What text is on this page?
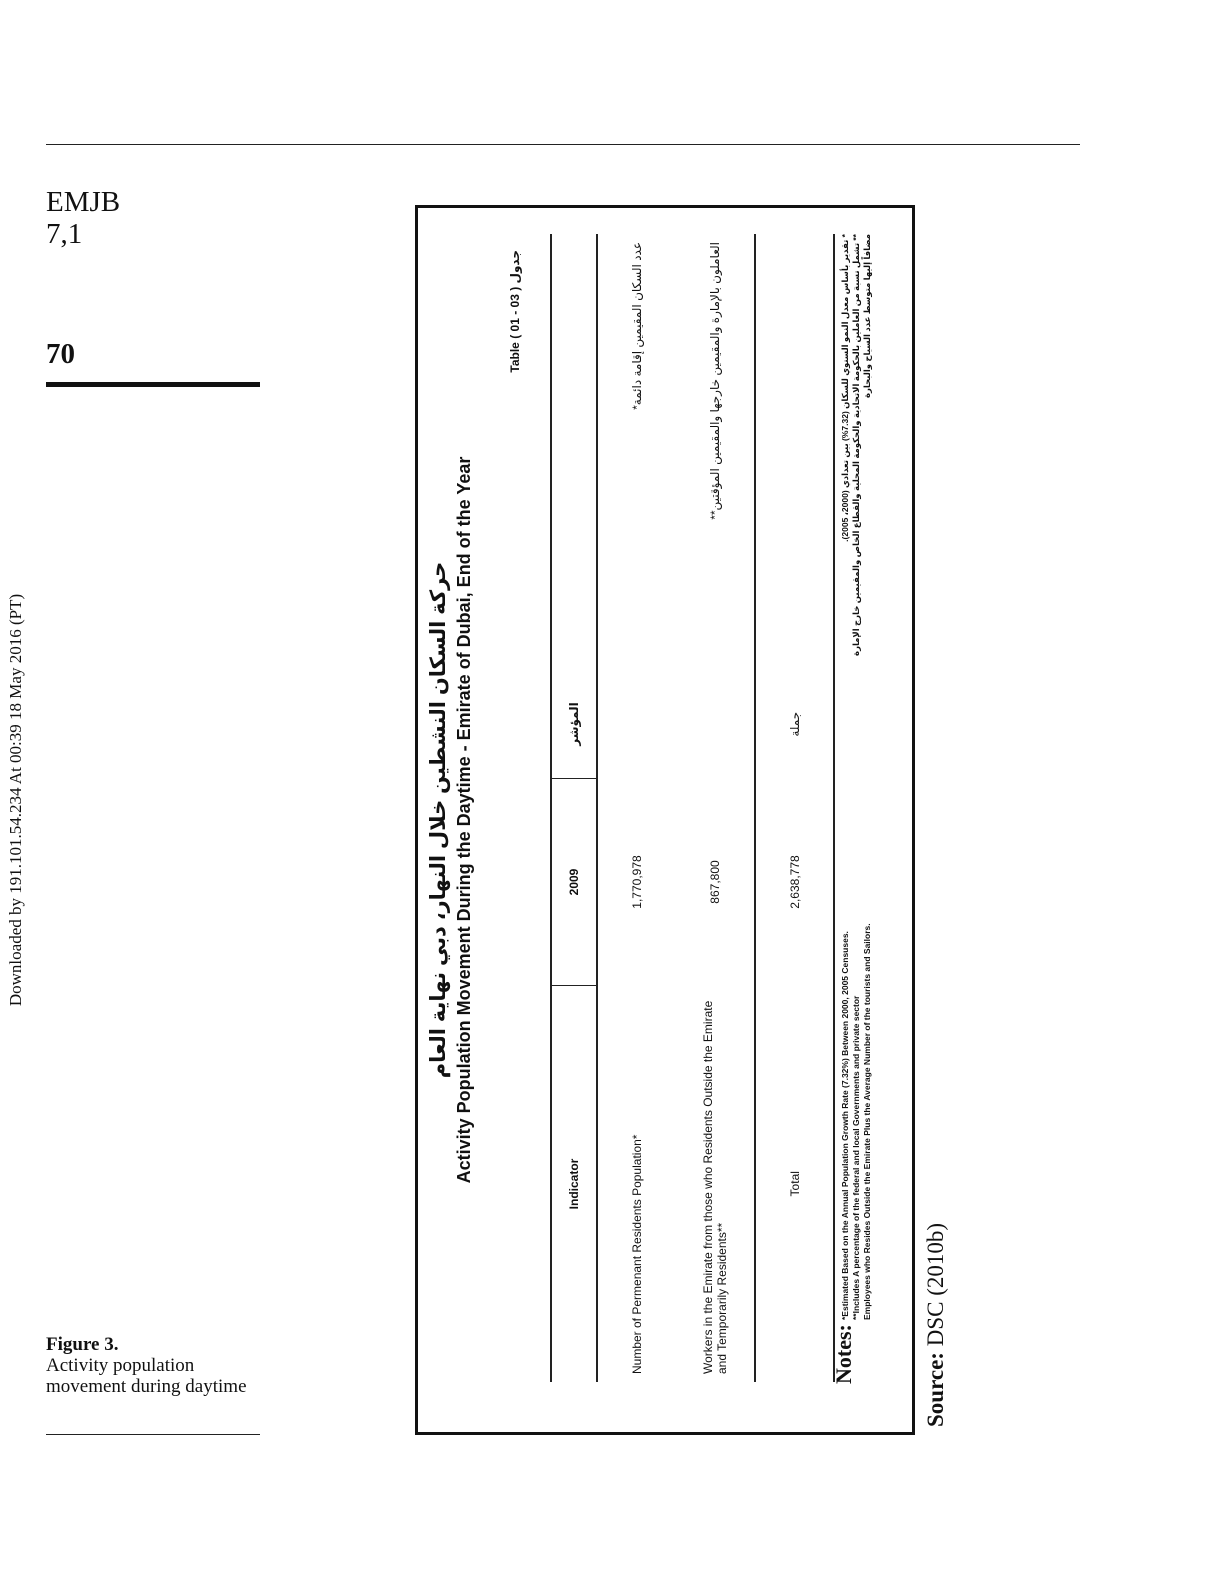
EMJB
7,1
70
Downloaded by 191.101.54.234 At 00:39 18 May 2016 (PT)
Figure 3.
Activity population movement during daytime
حركة السكان النشطين خلال النهار، دبي نهاية العام Activity Population Movement During the Daytime - Emirate of Dubai, End of the Year
Table ( 01 - 03 ) جدول
Indicator	2009	المؤشر	
Number of Permenant Residents Population*	1,770,978		عدد السكان المقيمين إقامة دائمة*
Workers in the Emirate from those who Residents Outside the Emirate and Temporarily Residents**	867,800		العاملون بالإمارة والمقيمين خارجها والمقيمين المؤقتين**
Total	2,638,778	جملة	
Notes:
*Estimated Based on the Annual Population Growth Rate (7.32%) Between 2000, 2005 Censuses. **Includes A percentage of the federal and local Governments and private sector Employees who Resides Outside the Emirate Plus the Average Number of the tourists and Sailors.
* تقدير بأساس معدل النمو السنوي للسكان (7.32%) بين تعدادي (2000، 2005). ** تشمل نسبة من العاملين بالحكومة الاتحادية والحكومة المحلية والقطاع الخاص والمقيمين خارج الإمارة مضافاً إليها متوسط عدد السياح والبحارة
Source: DSC (2010b)
